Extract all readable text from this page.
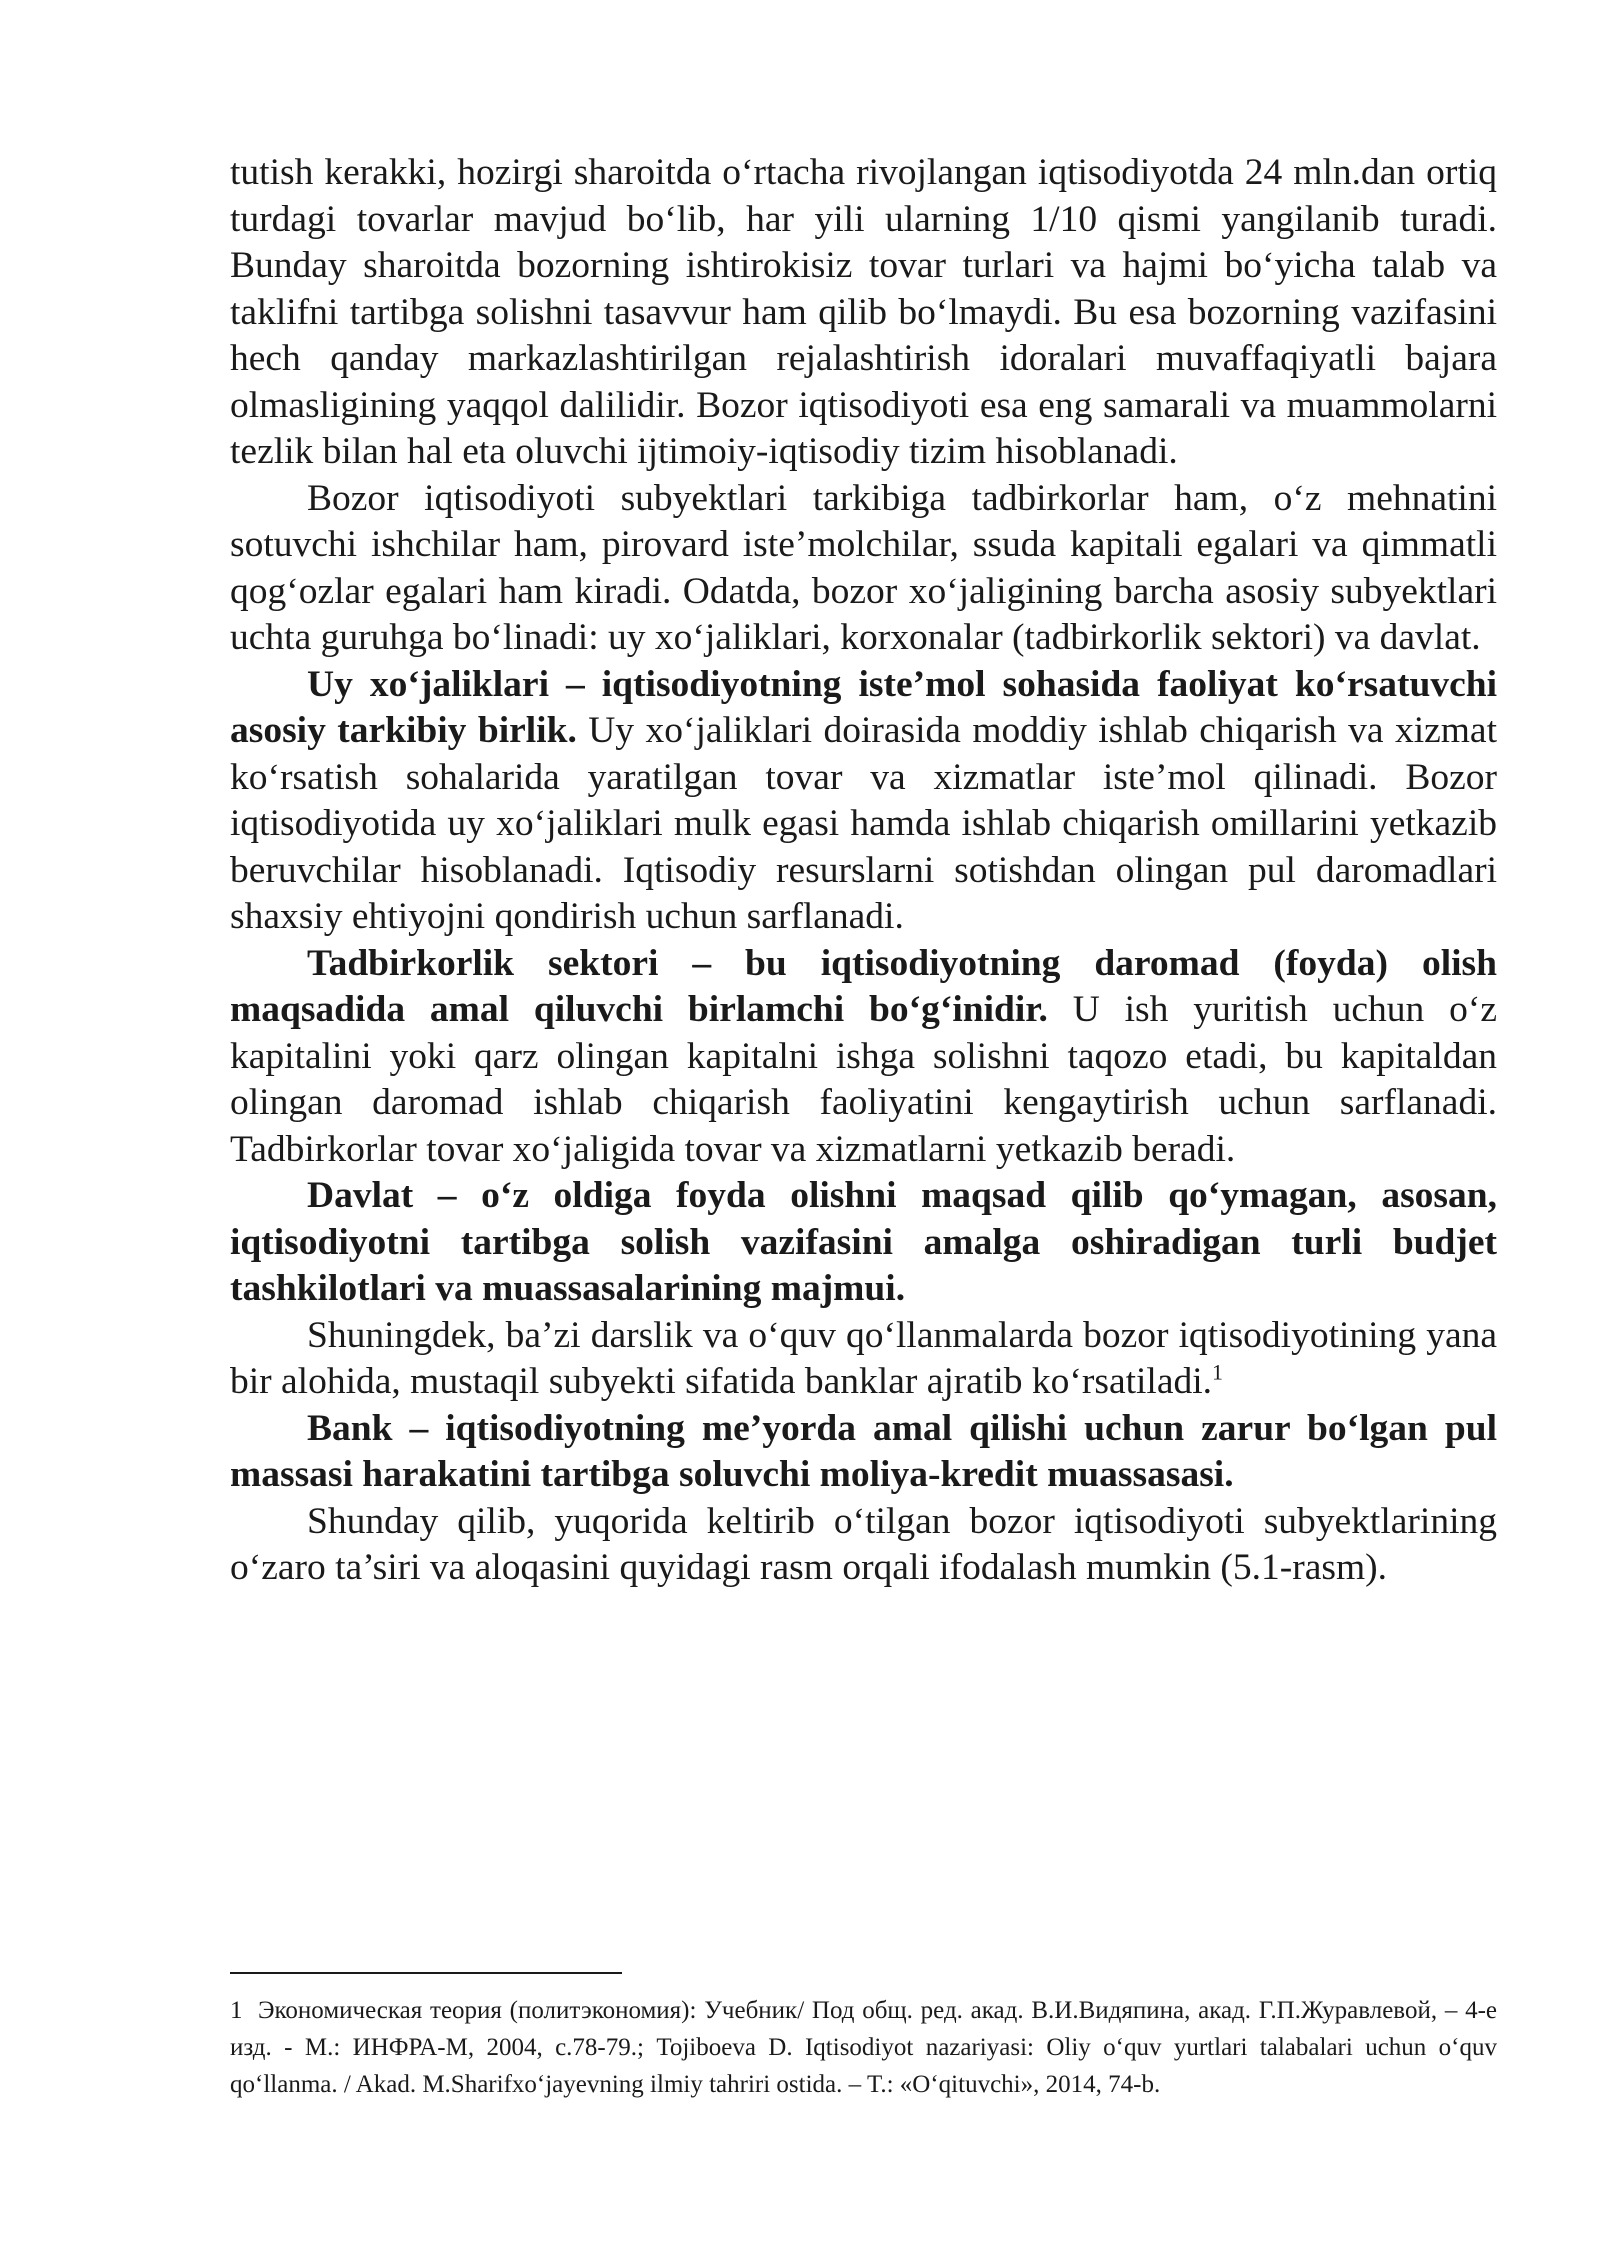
tutish kerakki, hozirgi sharoitda o‘rtacha rivojlangan iqtisodiyotda 24 mln.dan ortiq turdagi tovarlar mavjud bo‘lib, har yili ularning 1/10 qismi yangilanib turadi. Bunday sharoitda bozorning ishtirokisiz tovar turlari va hajmi bo‘yicha talab va taklifni tartibga solishni tasavvur ham qilib bo‘lmaydi. Bu esa bozorning vazifasini hech qanday markazlashtirilgan rejalashtirish idoralari muvaffaqiyatli bajara olmasligining yaqqol dalilidir. Bozor iqtisodiyoti esa eng samarali va muammolarni tezlik bilan hal eta oluvchi ijtimoiy-iqtisodiy tizim hisoblanadi.

Bozor iqtisodiyoti subyektlari tarkibiga tadbirkorlar ham, o‘z mehnatini sotuvchi ishchilar ham, pirovard iste’molchilar, ssuda kapitali egalari va qimmatli qog‘ozlar egalari ham kiradi. Odatda, bozor xo‘jaligining barcha asosiy subyektlari uchta guruhga bo‘linadi: uy xo‘jaliklari, korxonalar (tadbirkorlik sektori) va davlat.

Uy xo‘jaliklari – iqtisodiyotning iste’mol sohasida faoliyat ko‘rsatuvchi asosiy tarkibiy birlik. Uy xo‘jaliklari doirasida moddiy ishlab chiqarish va xizmat ko‘rsatish sohalarida yaratilgan tovar va xizmatlar iste’mol qilinadi. Bozor iqtisodiyotida uy xo‘jaliklari mulk egasi hamda ishlab chiqarish omillarini yetkazib beruvchilar hisoblanadi. Iqtisodiy resurslarni sotishdan olingan pul daromadlari shaxsiy ehtiyojni qondirish uchun sarflanadi.

Tadbirkorlik sektori – bu iqtisodiyotning daromad (foyda) olish maqsadida amal qiluvchi birlamchi bo‘g‘inidir. U ish yuritish uchun o‘z kapitalini yoki qarz olingan kapitalni ishga solishni taqozo etadi, bu kapitaldan olingan daromad ishlab chiqarish faoliyatini kengaytirish uchun sarflanadi. Tadbirkorlar tovar xo‘jaligida tovar va xizmatlarni yetkazib beradi.

Davlat – o‘z oldiga foyda olishni maqsad qilib qo‘ymagan, asosan, iqtisodiyotni tartibga solish vazifasini amalga oshiradigan turli budjet tashkilotlari va muassasalarining majmui.

Shuningdek, ba’zi darslik va o‘quv qo‘llanmalarda bozor iqtisodiyotining yana bir alohida, mustaqil subyekti sifatida banklar ajratib ko‘rsatiladi.$^1$

Bank – iqtisodiyotning me’yorda amal qilishi uchun zarur bo‘lgan pul massasi harakatini tartibga soluvchi moliya-kredit muassasasi.

Shunday qilib, yuqorida keltirib o‘tilgan bozor iqtisodiyoti subyektlarining o‘zaro ta’siri va aloqasini quyidagi rasm orqali ifodalash mumkin (5.1-rasm).

1 Экономическая теория (политэкономия): Учебник/ Под общ. ред. акад. В.И.Видяпина, акад. Г.П.Журавлевой, – 4-е изд. - М.: ИНФРА-М, 2004, с.78-79.; Tojiboeva D. Iqtisodiyot nazariyasi: Oliy o‘quv yurtlari talabalari uchun o‘quv qo‘llanma. / Akad. M.Sharifxo‘jayevning ilmiy tahriri ostida. – T.: «O‘qituvchi», 2014, 74-b.
